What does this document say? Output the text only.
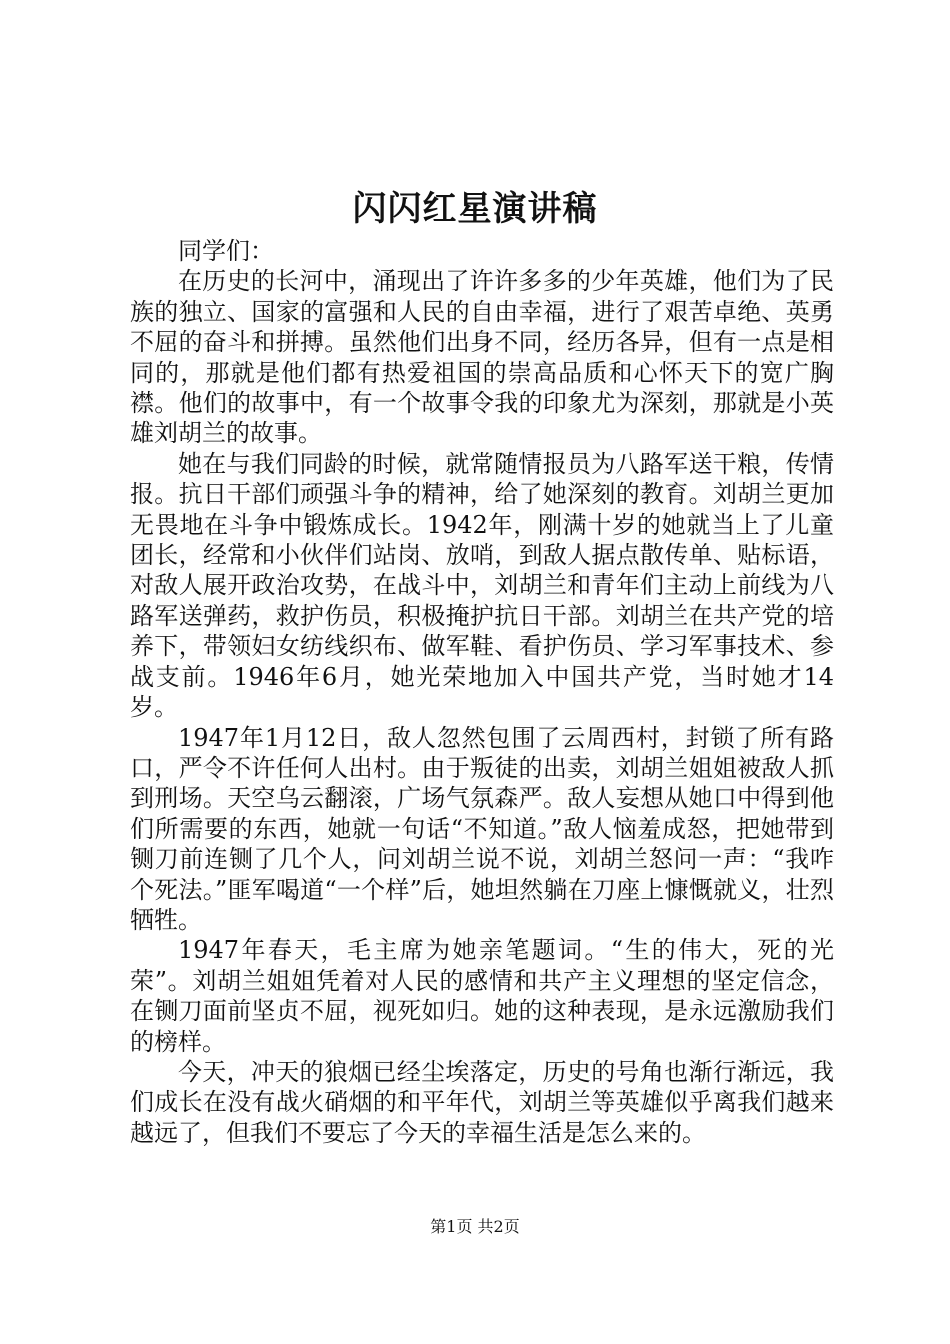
闪闪红星演讲稿

同学们：

在历史的长河中，涌现出了许许多多的少年英雄，他们为了民族的独立、国家的富强和人民的自由幸福，进行了艰苦卓绝、英勇不屈的奋斗和拼搏。虽然他们出身不同，经历各异，但有一点是相同的，那就是他们都有热爱祖国的崇高品质和心怀天下的宽广胸襟。他们的故事中，有一个故事令我的印象尤为深刻，那就是小英雄刘胡兰的故事。

她在与我们同龄的时候，就常随情报员为八路军送干粮，传情报。抗日干部们顽强斗争的精神，给了她深刻的教育。刘胡兰更加无畏地在斗争中锻炼成长。1942年，刚满十岁的她就当上了儿童团长，经常和小伙伴们站岗、放哨，到敌人据点散传单、贴标语，对敌人展开政治攻势，在战斗中，刘胡兰和青年们主动上前线为八路军送弹药，救护伤员，积极掩护抗日干部。刘胡兰在共产党的培养下，带领妇女纺线织布、做军鞋、看护伤员、学习军事技术、参战支前。1946年6月，她光荣地加入中国共产党，当时她才14岁。

1947年1月12日，敌人忽然包围了云周西村，封锁了所有路口，严令不许任何人出村。由于叛徒的出卖，刘胡兰姐姐被敌人抓到刑场。天空乌云翻滚，广场气氛森严。敌人妄想从她口中得到他们所需要的东西，她就一句话“不知道。”敌人恼羞成怒，把她带到铡刀前连铡了几个人，问刘胡兰说不说，刘胡兰怒问一声：“我咋个死法。”匪军喝道“一个样”后，她坦然躺在刀座上慷慨就义，壮烈牺牲。

1947年春天，毛主席为她亲笔题词。“生的伟大，死的光荣”。刘胡兰姐姐凭着对人民的感情和共产主义理想的坚定信念，在铡刀面前坚贞不屈，视死如归。她的这种表现，是永远激励我们的榜样。

今天，冲天的狼烟已经尘埃落定，历史的号角也渐行渐远，我们成长在没有战火硝烟的和平年代，刘胡兰等英雄似乎离我们越来越远了，但我们不要忘了今天的幸福生活是怎么来的。

第1页 共2页
